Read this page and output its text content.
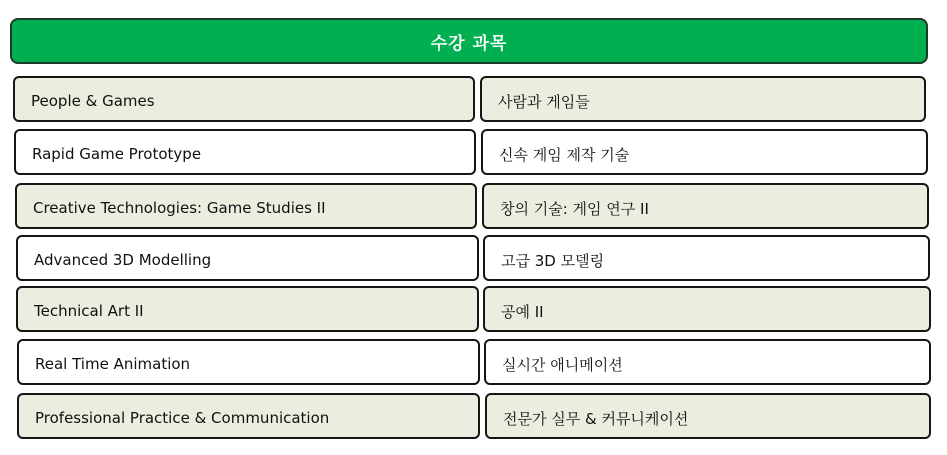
수강 과목
People & Games	사람과 게임들
Rapid Game Prototype	신속 게임 제작 기술
Creative Technologies: Game Studies II	창의 기술: 게임 연구 II
Advanced 3D Modelling	고급 3D 모델링
Technical Art II	공예 II
Real Time Animation	실시간 애니메이션
Professional Practice & Communication	전문가 실무 & 커뮤니케이션
